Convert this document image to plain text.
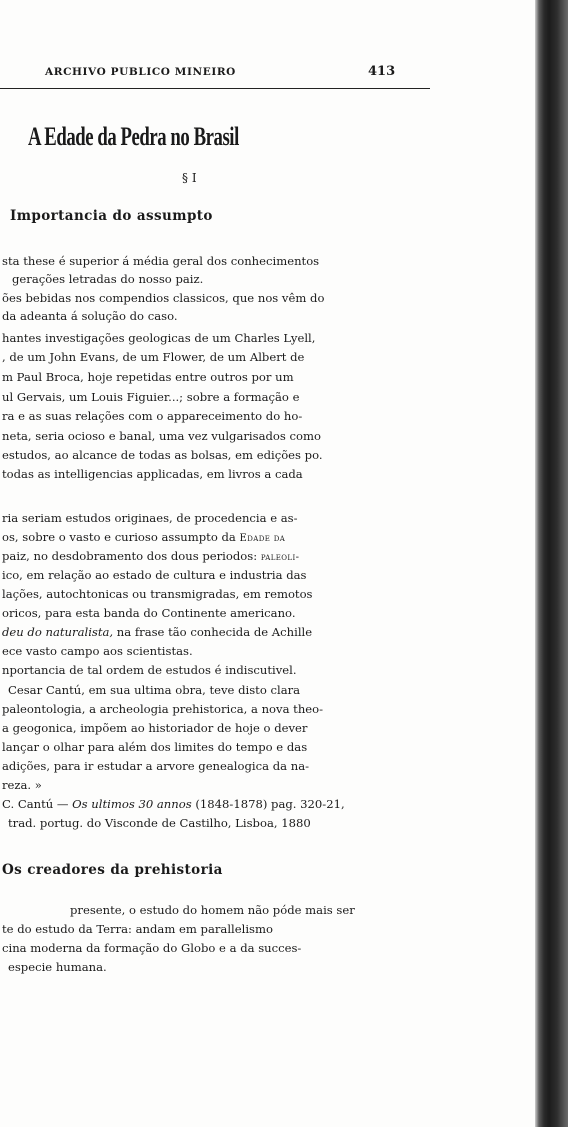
ARCHIVO PUBLICO MINEIRO	413
A Edade da Pedra no Brasil
§ I
Importancia do assumpto
sta these é superior á média geral dos conhecimentos
gerações letradas do nosso paiz.
ões bebidas nos compendios classicos, que nos vêm do
da adeanta á solução do caso.
hantes investigações geologicas de um Charles Lyell,
, de um John Evans, de um Flower, de um Albert de
m Paul Broca, hoje repetidas entre outros por um
ul Gervais, um Louis Figuier...; sobre a formação e
ra e as suas relações com o appareceimento do ho-
neta, seria ocioso e banal, uma vez vulgarisados como
estudos, ao alcance de todas as bolsas, em edições po.
todas as intelligencias applicadas, em livros a cada
ria seriam estudos originaes, de procedencia e as-
os, sobre o vasto e curioso assumpto da Edade da
paiz, no desdobramento dos dous periodos: paleoli-
ico, em relação ao estado de cultura e industria das
lações, autochtonicas ou transmigradas, em remotos
oricos, para esta banda do Continente americano.
deu do naturalista, na frase tão conhecida de Achille
ece vasto campo aos scientistas.
nportancia de tal ordem de estudos é indiscutivel.
Cesar Cantú, em sua ultima obra, teve disto clara
paleontologia, a archeologia prehistorica, a nova theo-
a geogonica, impõem ao historiador de hoje o dever
lançar o olhar para além dos limites do tempo e das
adições, para ir estudar a arvore genealogica da na-
reza. »
C. Cantú — Os ultimos 30 annos (1848-1878) pag. 320-21,
trad. portug. do Visconde de Castilho, Lisboa, 1880
Os creadores da prehistoria
presente, o estudo do homem não póde mais ser
te do estudo da Terra: andam em parallelismo
cina moderna da formação do Globo e a da succes-
especie humana.
